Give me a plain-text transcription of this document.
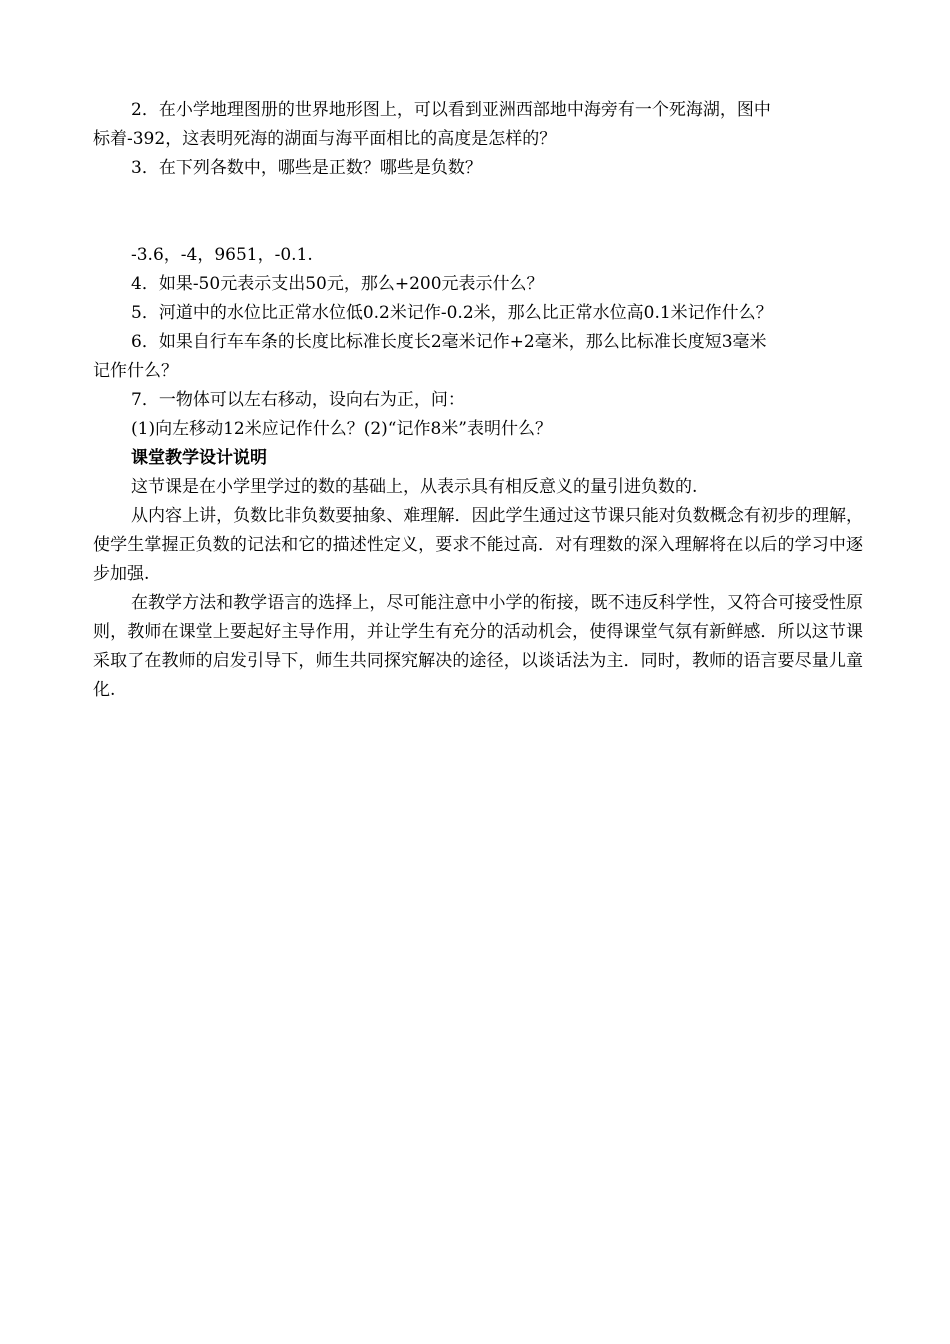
2．在小学地理图册的世界地形图上，可以看到亚洲西部地中海旁有一个死海湖，图中

标着-392，这表明死海的湖面与海平面相比的高度是怎样的？

3．在下列各数中，哪些是正数？哪些是负数？

-3.6，-4，9651，-0.1.

4．如果-50元表示支出50元，那么+200元表示什么？

5．河道中的水位比正常水位低0.2米记作-0.2米，那么比正常水位高0.1米记作什么？

6．如果自行车车条的长度比标准长度长2毫米记作+2毫米，那么比标准长度短3毫米

记作什么？

7．一物体可以左右移动，设向右为正，问：

(1)向左移动12米应记作什么？(2)“记作8米”表明什么？

课堂教学设计说明

这节课是在小学里学过的数的基础上，从表示具有相反意义的量引进负数的.

从内容上讲，负数比非负数要抽象、难理解．因此学生通过这节课只能对负数概念有初步的理解，使学生掌握正负数的记法和它的描述性定义，要求不能过高．对有理数的深入理解将在以后的学习中逐步加强.

在教学方法和教学语言的选择上，尽可能注意中小学的衔接，既不违反科学性，又符合可接受性原则，教师在课堂上要起好主导作用，并让学生有充分的活动机会，使得课堂气氛有新鲜感．所以这节课采取了在教师的启发引导下，师生共同探究解决的途径，以谈话法为主．同时，教师的语言要尽量儿童化.
